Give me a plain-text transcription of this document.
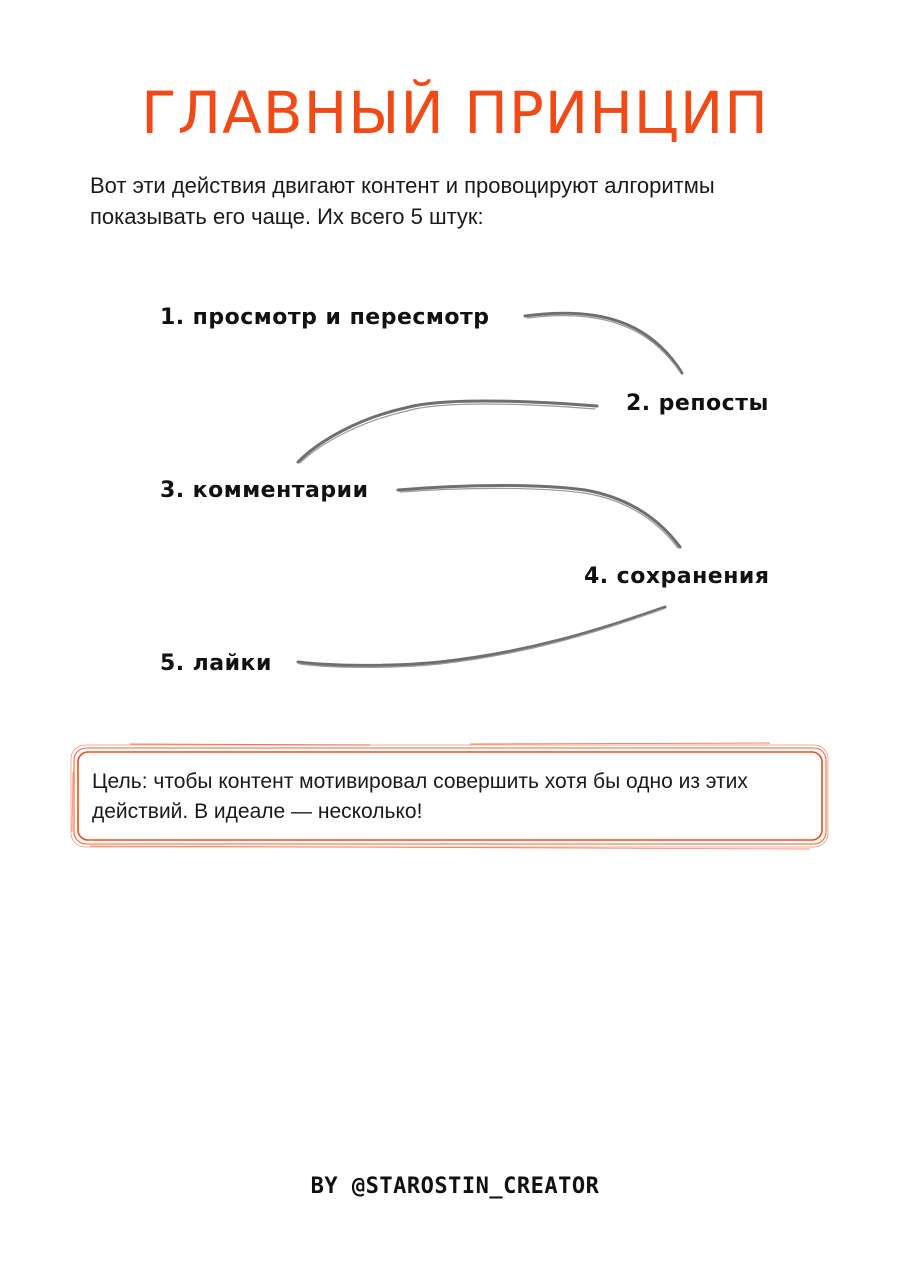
ГЛАВНЫЙ ПРИНЦИП
Вот эти действия двигают контент и провоцируют алгоритмы показывать его чаще. Их всего 5 штук:
1. просмотр и пересмотр
2. репосты
3. комментарии
4. сохранения
5. лайки
Цель: чтобы контент мотивировал совершить хотя бы одно из этих действий. В идеале — несколько!
BY @STAROSTIN_CREATOR
